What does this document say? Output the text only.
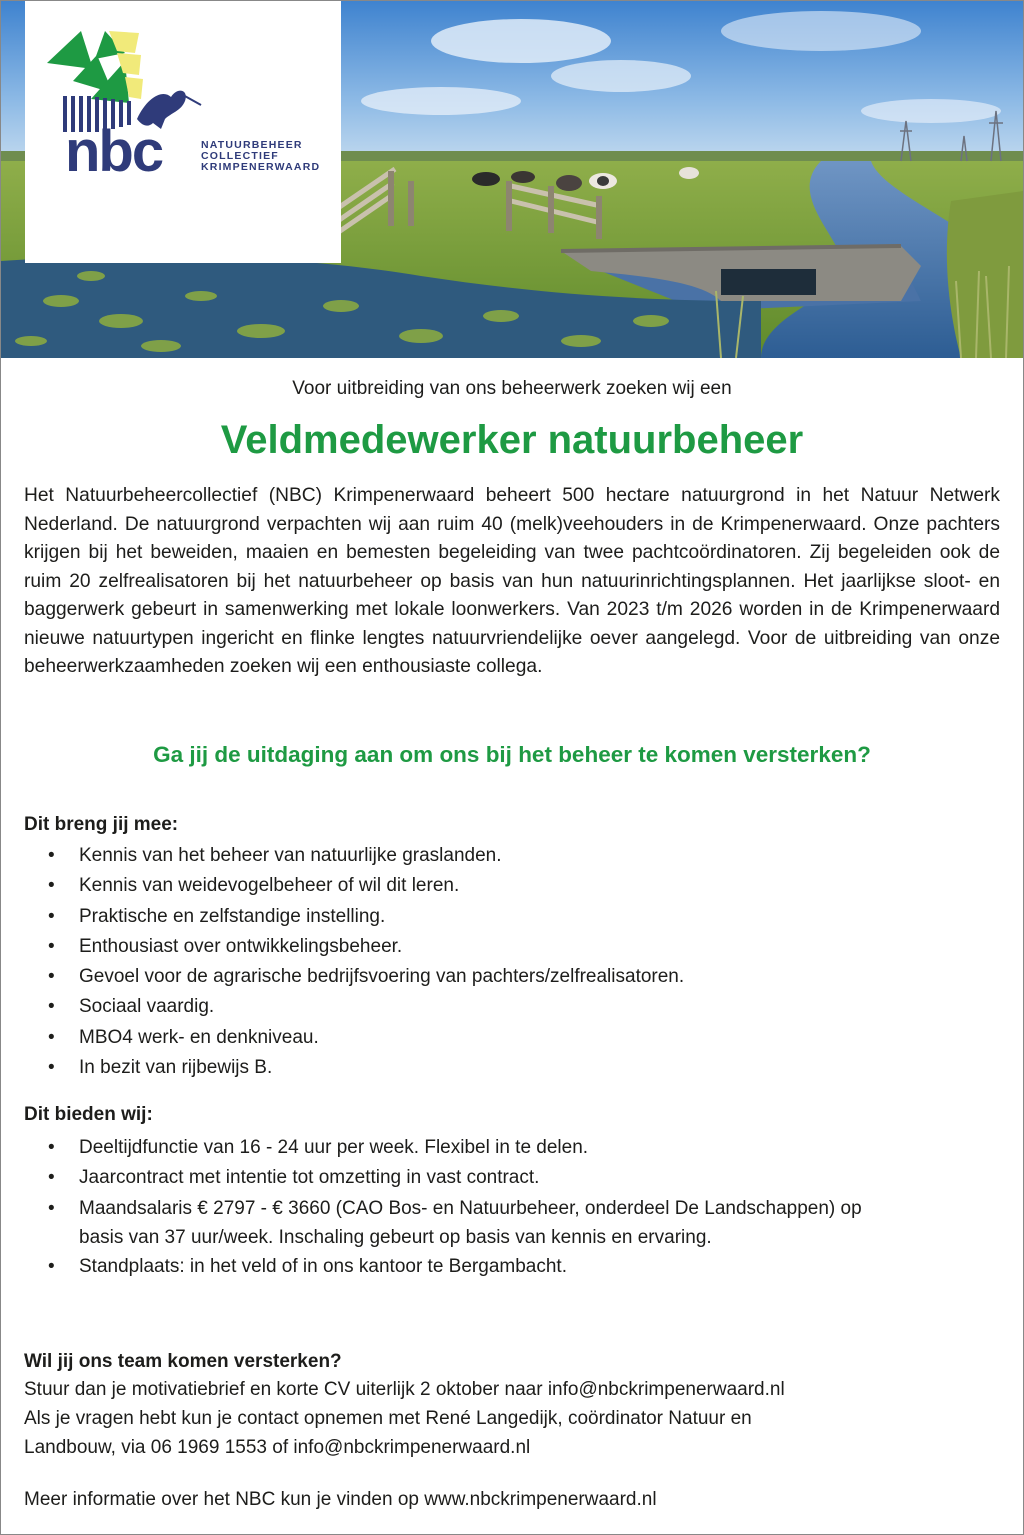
nbc	NATUURBEHEER
COLLECTIEF
KRIMPENERWAARD
Voor uitbreiding van ons beheerwerk zoeken wij een
Veldmedewerker natuurbeheer

Het Natuurbeheercollectief (NBC) Krimpenerwaard beheert 500 hectare natuurgrond in het Natuur Netwerk Nederland. De natuurgrond verpachten wij aan ruim 40 (melk)veehouders in de Krimpenerwaard. Onze pachters krijgen bij het beweiden, maaien en bemesten begeleiding van twee pachtcoördinatoren. Zij begeleiden ook de ruim 20 zelfrealisatoren bij het natuurbeheer op basis van hun natuurinrichtingsplannen. Het jaarlijkse sloot- en baggerwerk gebeurt in samenwerking met lokale loonwerkers. Van 2023 t/m 2026 worden in de Krimpenerwaard nieuwe natuurtypen ingericht en flinke lengtes natuurvriendelijke oever aangelegd. Voor de uitbreiding van onze beheerwerkzaamheden zoeken wij een enthousiaste collega.

Ga jij de uitdaging aan om ons bij het beheer te komen versterken?
Dit breng jij mee:
• Kennis van het beheer van natuurlijke graslanden.
• Kennis van weidevogelbeheer of wil dit leren.
• Praktische en zelfstandige instelling.
• Enthousiast over ontwikkelingsbeheer.
• Gevoel voor de agrarische bedrijfsvoering van pachters/zelfrealisatoren.
• Sociaal vaardig.
• MBO4 werk- en denkniveau.
• In bezit van rijbewijs B.
Dit bieden wij:
• Deeltijdfunctie van 16 - 24 uur per week. Flexibel in te delen.
• Jaarcontract met intentie tot omzetting in vast contract.
• Maandsalaris € 2797 - € 3660 (CAO Bos- en Natuurbeheer, onderdeel De Landschappen) op basis van 37 uur/week. Inschaling gebeurt op basis van kennis en ervaring.
• Standplaats: in het veld of in ons kantoor te Bergambacht.
Wil jij ons team komen versterken?

Stuur dan je motivatiebrief en korte CV uiterlijk 2 oktober naar info@nbckrimpenerwaard.nl

Als je vragen hebt kun je contact opnemen met René Langedijk, coördinator Natuur en

Landbouw, via 06 1969 1553 of info@nbckrimpenerwaard.nl

Meer informatie over het NBC kun je vinden op www.nbckrimpenerwaard.nl
